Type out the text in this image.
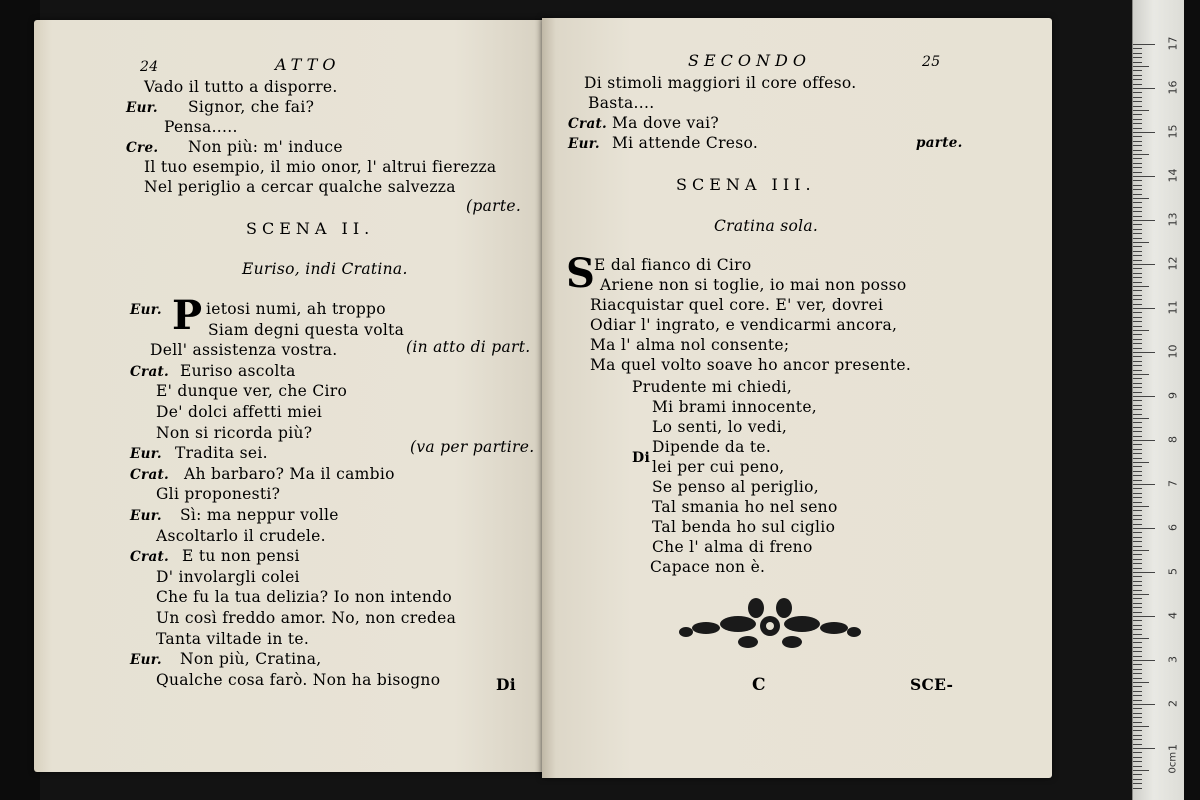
24	ATTO
Vado il tutto a disporre.
Eur. Signor, che fai?
Pensa.....
Cre. Non più: m' induce
Il tuo esempio, il mio onor, l' altrui fierezza
Nel periglio a cercar qualche salvezza
(parte.
SCENA II.
Euriso, indi Cratina.
P
Eur.	ietosi numi, ah troppo
Siam degni questa volta
Dell' assistenza vostra.
Crat. Euriso ascolta
E' dunque ver, che Ciro
De' dolci affetti miei
Non si ricorda più?
Eur. Tradita sei.
Crat. Ah barbaro? Ma il cambio
Gli proponesti?
Eur. Sì: ma neppur volle
Ascoltarlo il crudele.
Crat. E tu non pensi
D' involargli colei
Che fu la tua delizia? Io non intendo
Un così freddo amor. No, non credea
Tanta viltade in te.
Eur. Non più, Cratina,
Qualche cosa farò. Non ha bisogno
(in atto di part.
(va per partire.
Di
SECONDO	25
Di stimoli maggiori il core offeso.
Basta....
Crat. Ma dove vai?
Eur. Mi attende Creso.	parte.
SCENA III.
Cratina sola.
S E dal fianco di Ciro
Ariene non si toglie, io mai non posso
Riacquistar quel core. E' ver, dovrei
Odiar l' ingrato, e vendicarmi ancora,
Ma l' alma nol consente;
Ma quel volto soave ho ancor presente.
Prudente mi chiedi,
Mi brami innocente,
Lo senti, lo vedi,
Dipende da te.
lei per cui peno,
Se penso al periglio,
Tal smania ho nel seno
Tal benda ho sul ciglio
Che l' alma di freno
Capace non è.
Di
C	SCE-
17
16
15
14
13
12
11
10
9
8
7
6
5
4
3
2
1
0cm
